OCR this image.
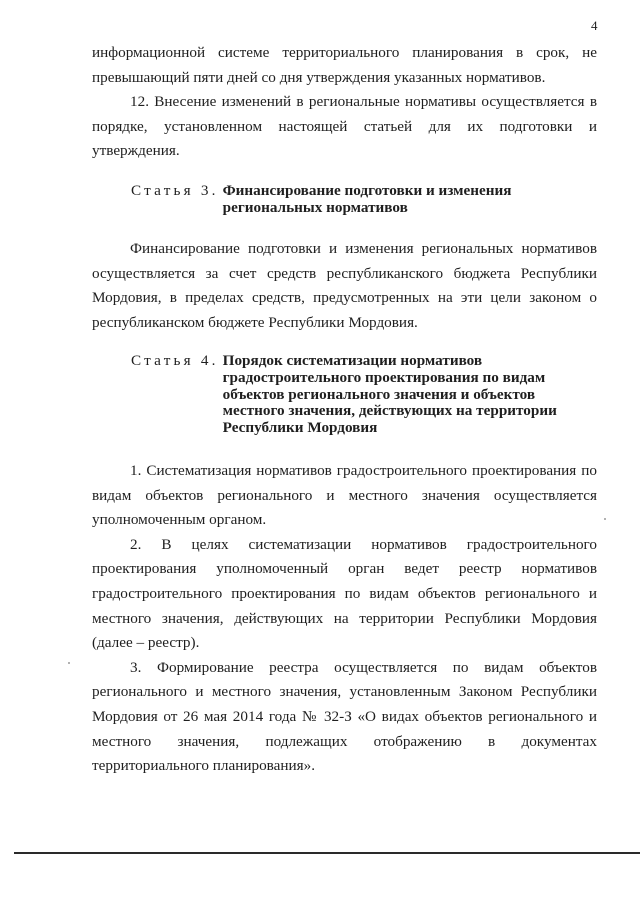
4

информационной системе территориального планирования в срок, не превышающий пяти дней со дня утверждения указанных нормативов.

12. Внесение изменений в региональные нормативы осуществляется в порядке, установленном настоящей статьей для их подготовки и утверждения.

Статья 3. Финансирование подготовки и изменения
региональных нормативов

Финансирование подготовки и изменения региональных нормативов осуществляется за счет средств республиканского бюджета Республики Мордовия, в пределах средств, предусмотренных на эти цели законом о республиканском бюджете Республики Мордовия.

Статья 4. Порядок систематизации нормативов
градостроительного проектирования по видам
объектов регионального значения и объектов
местного значения, действующих на территории
Республики Мордовия

1. Систематизация нормативов градостроительного проектирования по видам объектов регионального и местного значения осуществляется уполномоченным органом.

2. В целях систематизации нормативов градостроительного проектирования уполномоченный орган ведет реестр нормативов градостроительного проектирования по видам объектов регионального и местного значения, действующих на территории Республики Мордовия (далее – реестр).

3. Формирование реестра осуществляется по видам объектов регионального и местного значения, установленным Законом Республики Мордовия от 26 мая 2014 года № 32-З «О видах объектов регионального и местного значения, подлежащих отображению в документах территориального планирования».
